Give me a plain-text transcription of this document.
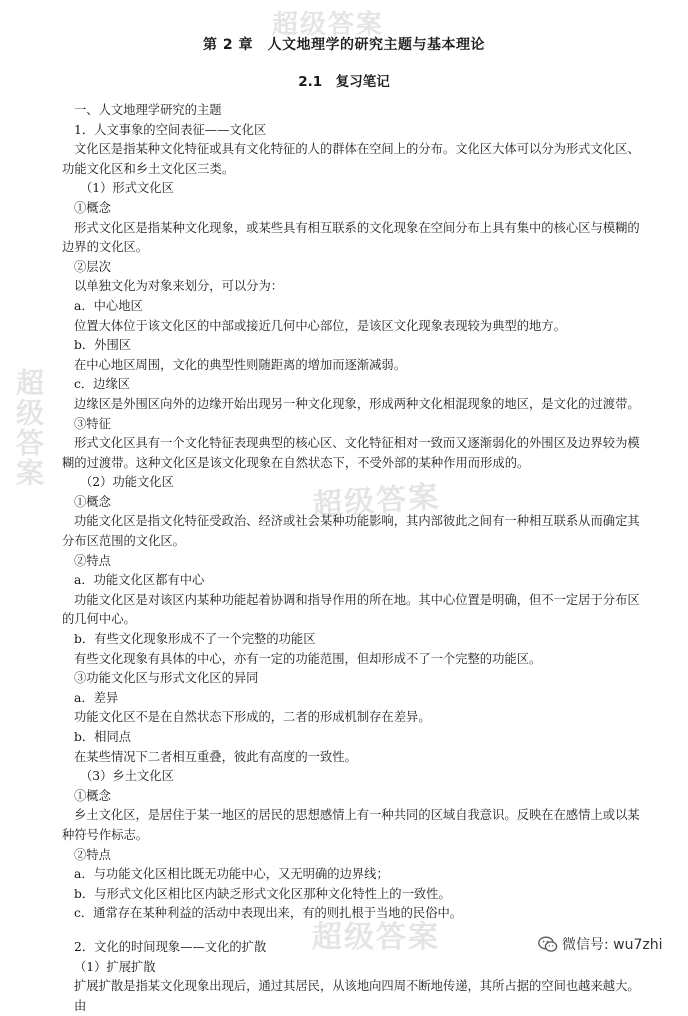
超级答案
超级答案
超级答案
超级答案
第 2 章　人文地理学的研究主题与基本理论
2.1　复习笔记

一、人文地理学研究的主题

1．人文事象的空间表征——文化区

文化区是指某种文化特征或具有文化特征的人的群体在空间上的分布。文化区大体可以分为形式文化区、功能文化区和乡土文化区三类。

（1）形式文化区

①概念

形式文化区是指某种文化现象，或某些具有相互联系的文化现象在空间分布上具有集中的核心区与模糊的边界的文化区。

②层次

以单独文化为对象来划分，可以分为：

a．中心地区

位置大体位于该文化区的中部或接近几何中心部位，是该区文化现象表现较为典型的地方。

b．外围区

在中心地区周围，文化的典型性则随距离的增加而逐渐减弱。

c．边缘区

边缘区是外围区向外的边缘开始出现另一种文化现象，形成两种文化相混现象的地区，是文化的过渡带。

③特征

形式文化区具有一个文化特征表现典型的核心区、文化特征相对一致而又逐渐弱化的外围区及边界较为模糊的过渡带。这种文化区是该文化现象在自然状态下，不受外部的某种作用而形成的。

（2）功能文化区

①概念

功能文化区是指文化特征受政治、经济或社会某种功能影响，其内部彼此之间有一种相互联系从而确定其分布区范围的文化区。

②特点

a．功能文化区都有中心

功能文化区是对该区内某种功能起着协调和指导作用的所在地。其中心位置是明确，但不一定居于分布区的几何中心。

b．有些文化现象形成不了一个完整的功能区

有些文化现象有具体的中心，亦有一定的功能范围，但却形成不了一个完整的功能区。

③功能文化区与形式文化区的异同

a．差异

功能文化区不是在自然状态下形成的，二者的形成机制存在差异。

b．相同点

在某些情况下二者相互重叠，彼此有高度的一致性。

（3）乡土文化区

①概念

乡土文化区，是居住于某一地区的居民的思想感情上有一种共同的区域自我意识。反映在在感情上或以某种符号作标志。

②特点

a．与功能文化区相比既无功能中心，又无明确的边界线；

b．与形式文化区相比区内缺乏形式文化区那种文化特性上的一致性。

c．通常存在某种利益的活动中表现出来，有的则扎根于当地的民俗中。

2．文化的时间现象——文化的扩散

（1）扩展扩散

扩展扩散是指某文化现象出现后，通过其居民，从该地向四周不断地传递，其所占据的空间也越来越大。由

微信号: wu7zhi
